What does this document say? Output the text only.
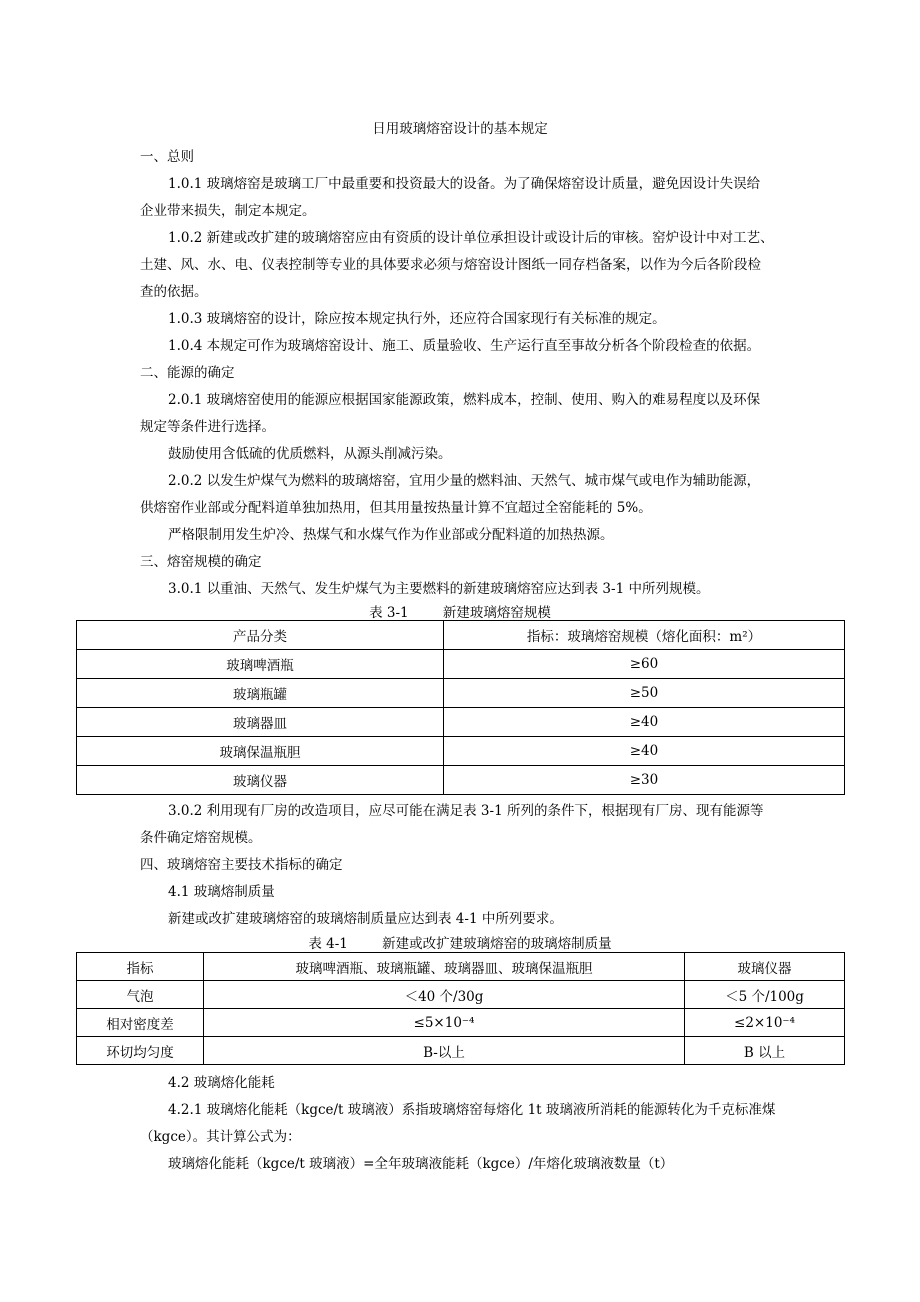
日用玻璃熔窑设计的基本规定
一、总则
1.0.1 玻璃熔窑是玻璃工厂中最重要和投资最大的设备。为了确保熔窑设计质量，避免因设计失误给
企业带来损失，制定本规定。
1.0.2 新建或改扩建的玻璃熔窑应由有资质的设计单位承担设计或设计后的审核。窑炉设计中对工艺、
土建、风、水、电、仪表控制等专业的具体要求必须与熔窑设计图纸一同存档备案，以作为今后各阶段检
查的依据。
1.0.3 玻璃熔窑的设计，除应按本规定执行外，还应符合国家现行有关标准的规定。
1.0.4 本规定可作为玻璃熔窑设计、施工、质量验收、生产运行直至事故分析各个阶段检查的依据。
二、能源的确定
2.0.1 玻璃熔窑使用的能源应根据国家能源政策，燃料成本，控制、使用、购入的难易程度以及环保
规定等条件进行选择。
鼓励使用含低硫的优质燃料，从源头削减污染。
2.0.2 以发生炉煤气为燃料的玻璃熔窑，宜用少量的燃料油、天然气、城市煤气或电作为辅助能源，
供熔窑作业部或分配料道单独加热用，但其用量按热量计算不宜超过全窑能耗的 5%。
严格限制用发生炉冷、热煤气和水煤气作为作业部或分配料道的加热热源。
三、熔窑规模的确定
3.0.1 以重油、天然气、发生炉煤气为主要燃料的新建玻璃熔窑应达到表 3-1 中所列规模。
表 3-1        新建玻璃熔窑规模
产品分类	指标：玻璃熔窑规模（熔化面积：m²）
玻璃啤酒瓶	≥60
玻璃瓶罐	≥50
玻璃器皿	≥40
玻璃保温瓶胆	≥40
玻璃仪器	≥30
3.0.2 利用现有厂房的改造项目，应尽可能在满足表 3-1 所列的条件下，根据现有厂房、现有能源等
条件确定熔窑规模。
四、玻璃熔窑主要技术指标的确定
4.1 玻璃熔制质量
新建或改扩建玻璃熔窑的玻璃熔制质量应达到表 4-1 中所列要求。
表 4-1        新建或改扩建玻璃熔窑的玻璃熔制质量
指标	玻璃啤酒瓶、玻璃瓶罐、玻璃器皿、玻璃保温瓶胆	玻璃仪器
气泡	＜40 个/30g	＜5 个/100g
相对密度差	≤5×10⁻⁴	≤2×10⁻⁴
环切均匀度	B-以上	B 以上
4.2 玻璃熔化能耗
4.2.1 玻璃熔化能耗（kgce/t 玻璃液）系指玻璃熔窑每熔化 1t 玻璃液所消耗的能源转化为千克标准煤
（kgce）。其计算公式为：
玻璃熔化能耗（kgce/t 玻璃液）=全年玻璃液能耗（kgce）/年熔化玻璃液数量（t）
